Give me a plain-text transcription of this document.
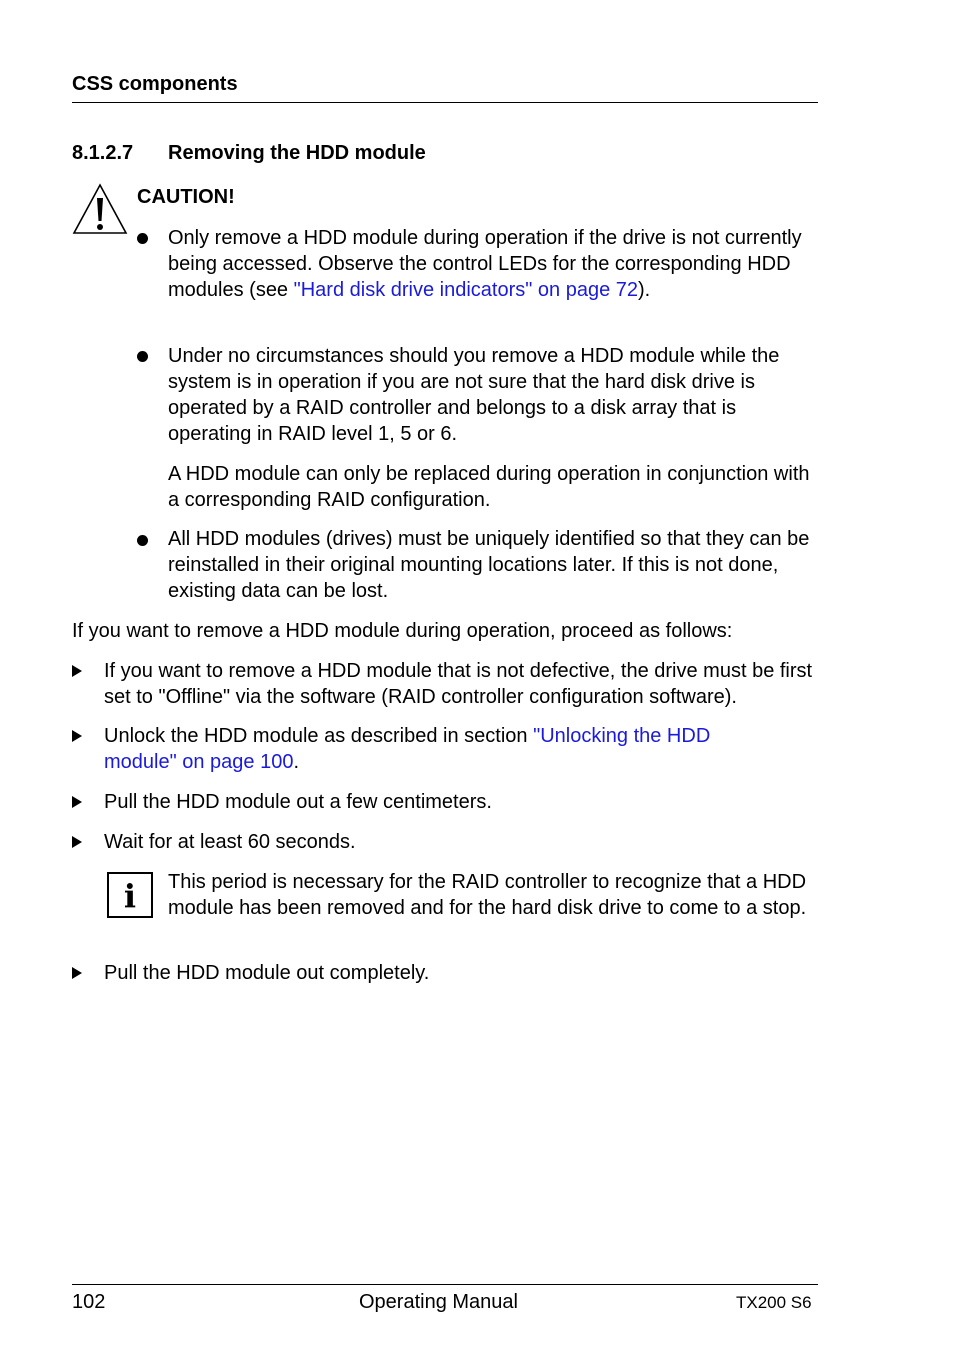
CSS components
8.1.2.7 Removing the HDD module
CAUTION!
Only remove a HDD module during operation if the drive is not currently being accessed. Observe the control LEDs for the corresponding HDD modules (see "Hard disk drive indicators" on page 72).
Under no circumstances should you remove a HDD module while the system is in operation if you are not sure that the hard disk drive is operated by a RAID controller and belongs to a disk array that is operating in RAID level 1, 5 or 6.
A HDD module can only be replaced during operation in conjunction with a corresponding RAID configuration.
All HDD modules (drives) must be uniquely identified so that they can be reinstalled in their original mounting locations later. If this is not done, existing data can be lost.
If you want to remove a HDD module during operation, proceed as follows:
If you want to remove a HDD module that is not defective, the drive must be first set to "Offline" via the software (RAID controller configuration software).
Unlock the HDD module as described in section "Unlocking the HDD module" on page 100.
Pull the HDD module out a few centimeters.
Wait for at least 60 seconds.
i	This period is necessary for the RAID controller to recognize that a HDD module has been removed and for the hard disk drive to come to a stop.
Pull the HDD module out completely.
102	Operating Manual	TX200 S6
